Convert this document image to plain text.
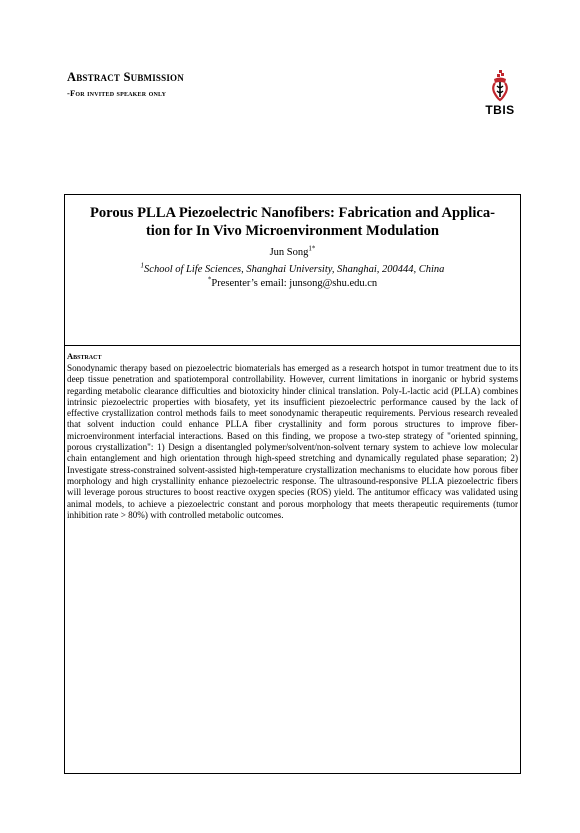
Abstract Submission
-For invited speaker only
TBIS
Porous PLLA Piezoelectric Nanofibers: Fabrication and Applica-
tion for In Vivo Microenvironment Modulation
Jun Song$^{1*}$
$^1$School of Life Sciences, Shanghai University, Shanghai, 200444, China
*Presenter’s email: junsong@shu.edu.cn
Abstract
Sonodynamic therapy based on piezoelectric biomaterials has emerged as a research hotspot in tumor treatment due to its deep tissue penetration and spatiotemporal controllability. However, current limitations in inorganic or hybrid systems regarding metabolic clearance difficulties and biotoxicity hinder clinical translation. Poly-L-lactic acid (PLLA) combines intrinsic piezoelectric properties with biosafety, yet its insufficient piezoelectric performance caused by the lack of effective crystallization control methods fails to meet sonodynamic therapeutic requirements. Pervious research revealed that solvent induction could enhance PLLA fiber crystallinity and form porous structures to improve fiber-microenvironment interfacial interactions. Based on this finding, we propose a two-step strategy of "oriented spinning, porous crystallization": 1) Design a disentangled polymer/solvent/non-solvent ternary system to achieve low molecular chain entanglement and high orientation through high-speed stretching and dynamically regulated phase separation; 2) Investigate stress-constrained solvent-assisted high-temperature crystallization mechanisms to elucidate how porous fiber morphology and high crystallinity enhance piezoelectric response. The ultrasound-responsive PLLA piezoelectric fibers will leverage porous structures to boost reactive oxygen species (ROS) yield. The antitumor efficacy was validated using animal models, to achieve a piezoelectric constant and porous morphology that meets therapeutic requirements (tumor inhibition rate > 80%) with controlled metabolic outcomes.
